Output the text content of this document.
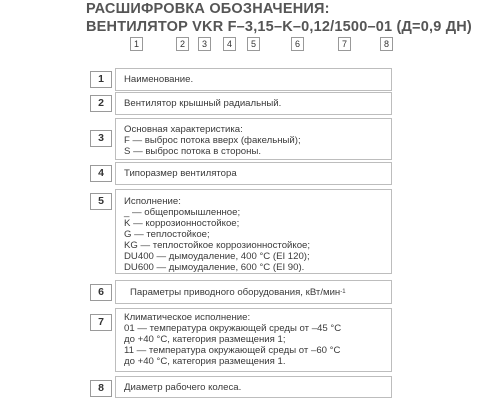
РАСШИФРОВКА ОБОЗНАЧЕНИЯ:
ВЕНТИЛЯТОР VKR F–3,15–K–0,12/1500–01 (Д=0,9 ДН)
1	2	3	4	5	6	7	8
1	Наименование.
2	Вентилятор крышный радиальный.
3
Основная характеристика:
F — выброс потока вверх (факельный);
S — выброс потока в стороны.
4	Типоразмер вентилятора
5	Исполнение:
_ — общепромышленное;
K — коррозионностойкое;
G — теплостойкое;
KG — теплостойкое коррозионностойкое;
DU400 — дымоудаление, 400 °C (EI 120);
DU600 — дымоудаление, 600 °C (EI 90).
6	Параметры приводного оборудования, кВт/мин$^{-1}$
7	Климатическое исполнение:
01 — температура окружающей среды от –45 °C
до +40 °C, категория размещения 1;
11 — температура окружающей среды от –60 °C
до +40 °C, категория размещения 1.
8	Диаметр рабочего колеса.
